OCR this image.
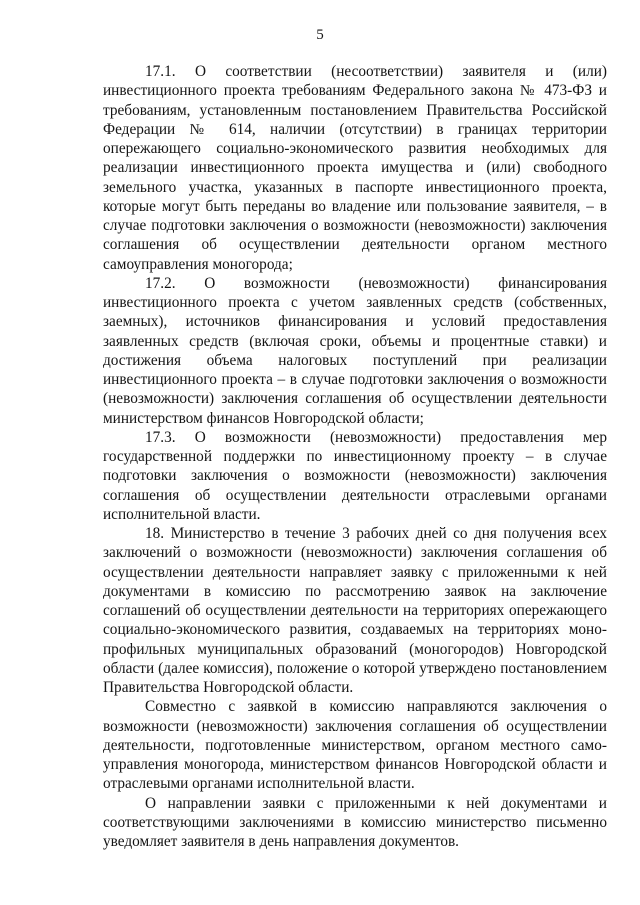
5

17.1. О соответствии (несоответствии) заявителя и (или) инвестиционного проекта требованиям Федерального закона № 473-ФЗ и требованиям, установленным постановлением Правительства Российской Федерации № 614, наличии (отсутствии) в границах территории опережающего социально-экономического развития необходимых для реализации инвестиционного проекта имущества и (или) свободного земельного участка, указанных в паспорте инвестиционного проекта, которые могут быть переданы во владение или пользование заявителя, – в случае подготовки заключения о возможности (невозможности) заключения соглашения об осуществлении деятельности органом местного самоуправления моногорода;

17.2. О возможности (невозможности) финансирования инвестиционного проекта с учетом заявленных средств (собственных, заемных), источников финансирования и условий предоставления заявленных средств (включая сроки, объемы и процентные ставки) и достижения объема налоговых поступлений при реализации инвестиционного проекта – в случае подготовки заключения о возможности (невозможности) заключения соглашения об осуществлении деятельности министерством финансов Новгородской области;

17.3. О возможности (невозможности) предоставления мер государственной поддержки по инвестиционному проекту – в случае подготовки заключения о возможности (невозможности) заключения соглашения об осуществлении деятельности отраслевыми органами исполнительной власти.

18. Министерство в течение 3 рабочих дней со дня получения всех заключений о возможности (невозможности) заключения соглашения об осуществлении деятельности направляет заявку с приложенными к ней документами в комиссию по рассмотрению заявок на заключение соглашений об осуществлении деятельности на территориях опережающего социально-экономического развития, создаваемых на территориях монопрофильных муниципальных образований (моногородов) Новгородской области (далее комиссия), положение о которой утверждено постановлением Правительства Новгородской области.

Совместно с заявкой в комиссию направляются заключения о возможности (невозможности) заключения соглашения об осуществлении деятельности, подготовленные министерством, органом местного самоуправления моногорода, министерством финансов Новгородской области и отраслевыми органами исполнительной власти.

О направлении заявки с приложенными к ней документами и соответствующими заключениями в комиссию министерство письменно уведомляет заявителя в день направления документов.
